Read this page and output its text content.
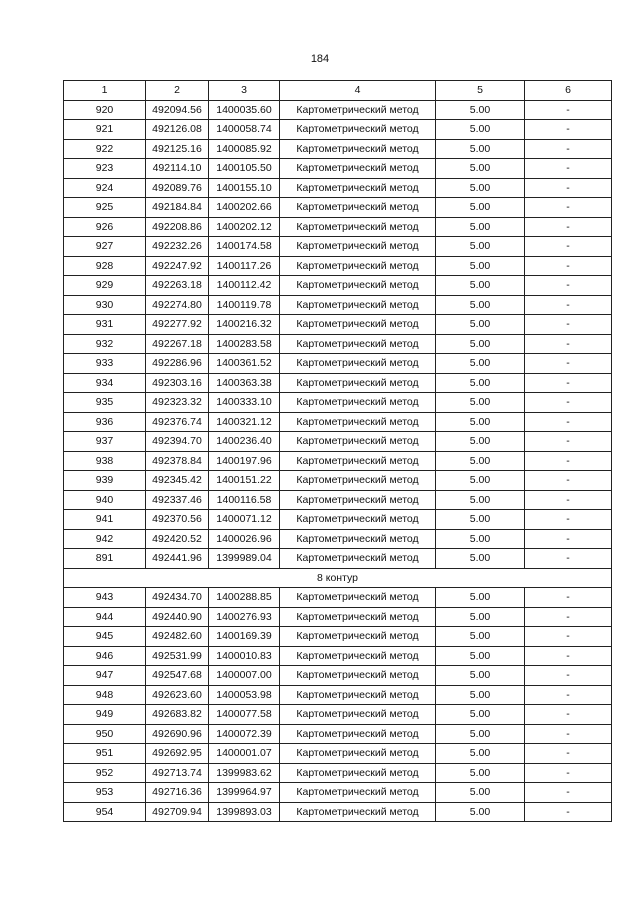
184
1	2	3	4	5	6
920	492094.56	1400035.60	Картометрический метод	5.00	-
921	492126.08	1400058.74	Картометрический метод	5.00	-
922	492125.16	1400085.92	Картометрический метод	5.00	-
923	492114.10	1400105.50	Картометрический метод	5.00	-
924	492089.76	1400155.10	Картометрический метод	5.00	-
925	492184.84	1400202.66	Картометрический метод	5.00	-
926	492208.86	1400202.12	Картометрический метод	5.00	-
927	492232.26	1400174.58	Картометрический метод	5.00	-
928	492247.92	1400117.26	Картометрический метод	5.00	-
929	492263.18	1400112.42	Картометрический метод	5.00	-
930	492274.80	1400119.78	Картометрический метод	5.00	-
931	492277.92	1400216.32	Картометрический метод	5.00	-
932	492267.18	1400283.58	Картометрический метод	5.00	-
933	492286.96	1400361.52	Картометрический метод	5.00	-
934	492303.16	1400363.38	Картометрический метод	5.00	-
935	492323.32	1400333.10	Картометрический метод	5.00	-
936	492376.74	1400321.12	Картометрический метод	5.00	-
937	492394.70	1400236.40	Картометрический метод	5.00	-
938	492378.84	1400197.96	Картометрический метод	5.00	-
939	492345.42	1400151.22	Картометрический метод	5.00	-
940	492337.46	1400116.58	Картометрический метод	5.00	-
941	492370.56	1400071.12	Картометрический метод	5.00	-
942	492420.52	1400026.96	Картометрический метод	5.00	-
891	492441.96	1399989.04	Картометрический метод	5.00	-
8 контур					
943	492434.70	1400288.85	Картометрический метод	5.00	-
944	492440.90	1400276.93	Картометрический метод	5.00	-
945	492482.60	1400169.39	Картометрический метод	5.00	-
946	492531.99	1400010.83	Картометрический метод	5.00	-
947	492547.68	1400007.00	Картометрический метод	5.00	-
948	492623.60	1400053.98	Картометрический метод	5.00	-
949	492683.82	1400077.58	Картометрический метод	5.00	-
950	492690.96	1400072.39	Картометрический метод	5.00	-
951	492692.95	1400001.07	Картометрический метод	5.00	-
952	492713.74	1399983.62	Картометрический метод	5.00	-
953	492716.36	1399964.97	Картометрический метод	5.00	-
954	492709.94	1399893.03	Картометрический метод	5.00	-
